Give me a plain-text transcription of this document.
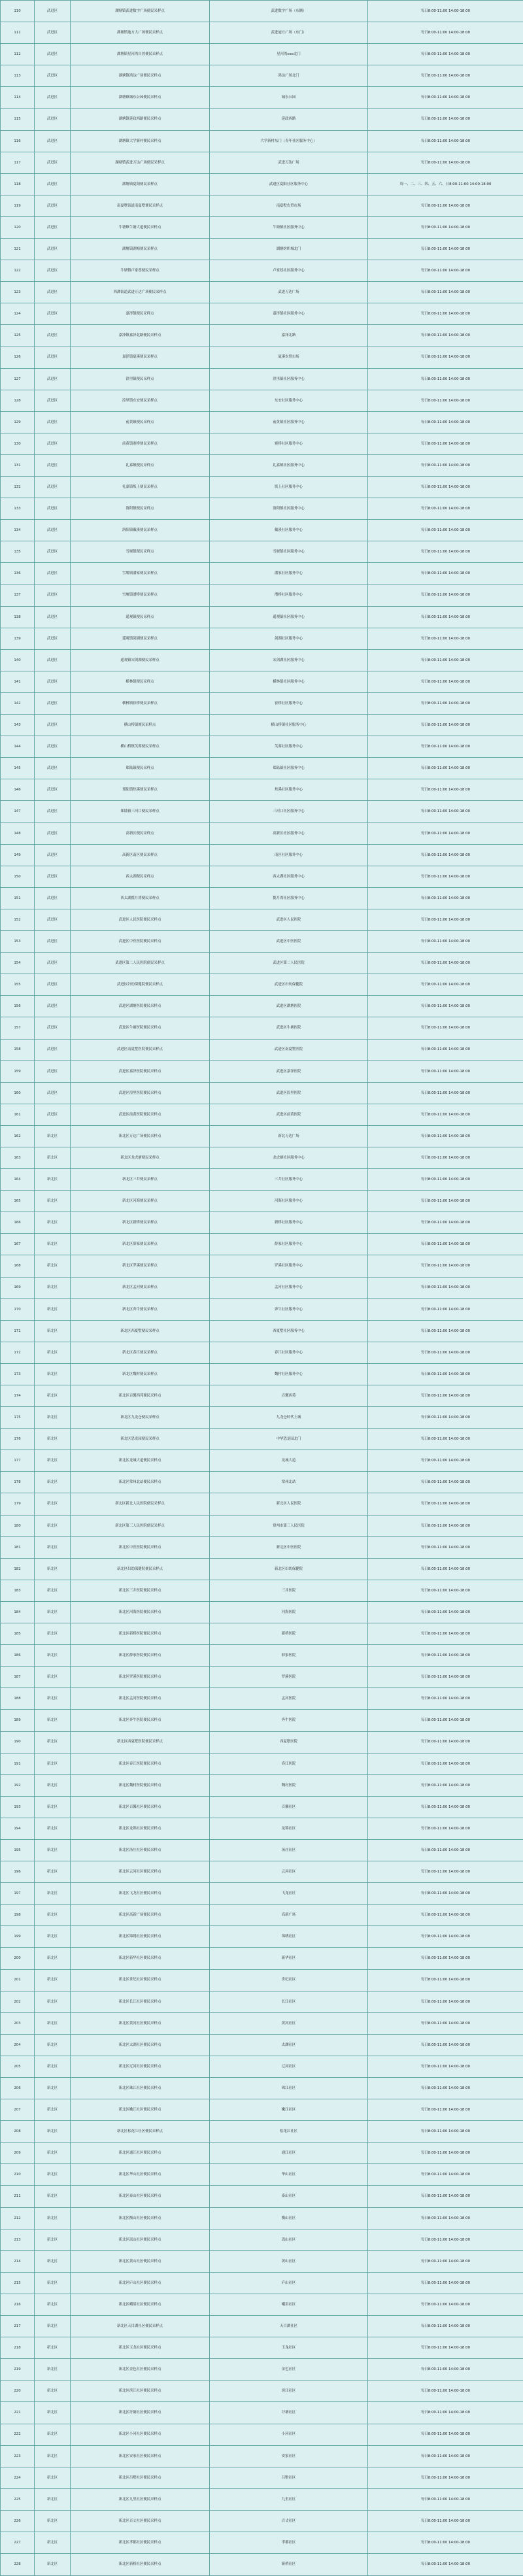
110	武进区	湖塘镇武进数字广场便民采样点	武进数字广场（东侧）	每日8:00-11:00 14:00-18:00
111	武进区	湖塘镇迪方大广场便民采样点	武进迪方广场（东门）	每日8:00-11:00 14:00-18:00
112	武进区	湖塘镇星河湾自然便民采样点	星河湾ceo北门	每日8:00-11:00 14:00-18:00
113	武进区	湖塘镇鸿达广场便民采样点	鸿达广场北门	每日8:00-11:00 14:00-18:00
114	武进区	湖塘镇城东公园便民采样点	城东公园	每日8:00-11:00 14:00-18:00
115	武进区	湖塘镇延政西路便民采样点	延政西路	每日8:00-11:00 14:00-18:00
116	武进区	湖塘镇大学新村便民采样点	大学新村东门（青年社区服务中心）	每日8:00-11:00 14:00-18:00
117	武进区	湖塘镇武进万达广场便民采样点	武进万达广场	每日8:00-11:00 14:00-18:00
118	武进区	湖塘镇夏阳便民采样点	武进区夏阳社区服务中心	周一、二、三、四、五、六、日8:00-11:00 14:00-18:00
119	武进区	南夏墅街道南夏墅便民采样点	南夏墅农贸市场	每日8:00-11:00 14:00-18:00
120	武进区	牛塘镇牛塘大道便民采样点	牛塘镇社区服务中心	每日8:00-11:00 14:00-18:00
121	武进区	湖塘镇湖塘便民采样点	湖塘纺织城北门	每日8:00-11:00 14:00-18:00
122	武进区	牛塘镇卢家巷便民采样点	卢家巷社区服务中心	每日8:00-11:00 14:00-18:00
123	武进区	西湖街道武进万达广场便民采样点	武进万达广场	每日8:00-11:00 14:00-18:00
124	武进区	嘉泽镇便民采样点	嘉泽镇社区服务中心	每日8:00-11:00 14:00-18:00
125	武进区	嘉泽镇嘉泽北路便民采样点	嘉泽北路	每日8:00-11:00 14:00-18:00
126	武进区	嘉泽镇夏溪便民采样点	夏溪农贸市场	每日8:00-11:00 14:00-18:00
127	武进区	湟里镇便民采样点	湟里镇社区服务中心	每日8:00-11:00 14:00-18:00
128	武进区	湟里镇东安便民采样点	东安社区服务中心	每日8:00-11:00 14:00-18:00
129	武进区	前黄镇便民采样点	前黄镇社区服务中心	每日8:00-11:00 14:00-18:00
130	武进区	前黄镇寨桥便民采样点	寨桥社区服务中心	每日8:00-11:00 14:00-18:00
131	武进区	礼嘉镇便民采样点	礼嘉镇社区服务中心	每日8:00-11:00 14:00-18:00
132	武进区	礼嘉镇坂上便民采样点	坂上社区服务中心	每日8:00-11:00 14:00-18:00
133	武进区	洛阳镇便民采样点	洛阳镇社区服务中心	每日8:00-11:00 14:00-18:00
134	武进区	洛阳镇戴溪便民采样点	戴溪社区服务中心	每日8:00-11:00 14:00-18:00
135	武进区	雪堰镇便民采样点	雪堰镇社区服务中心	每日8:00-11:00 14:00-18:00
136	武进区	雪堰镇潘家便民采样点	潘家社区服务中心	每日8:00-11:00 14:00-18:00
137	武进区	雪堰镇漕桥便民采样点	漕桥社区服务中心	每日8:00-11:00 14:00-18:00
138	武进区	遥观镇便民采样点	遥观镇社区服务中心	每日8:00-11:00 14:00-18:00
139	武进区	遥观镇剑湖便民采样点	剑湖社区服务中心	每日8:00-11:00 14:00-18:00
140	武进区	遥观镇宋剑湖便民采样点	宋剑湖社区服务中心	每日8:00-11:00 14:00-18:00
141	武进区	横林镇便民采样点	横林镇社区服务中心	每日8:00-11:00 14:00-18:00
142	武进区	横林镇崔桥便民采样点	崔桥社区服务中心	每日8:00-11:00 14:00-18:00
143	武进区	横山桥镇便民采样点	横山桥镇社区服务中心	每日8:00-11:00 14:00-18:00
144	武进区	横山桥镇芙蓉便民采样点	芙蓉社区服务中心	每日8:00-11:00 14:00-18:00
145	武进区	郑陆镇便民采样点	郑陆镇社区服务中心	每日8:00-11:00 14:00-18:00
146	武进区	郑陆镇焦溪便民采样点	焦溪社区服务中心	每日8:00-11:00 14:00-18:00
147	武进区	郑陆镇三河口便民采样点	三河口社区服务中心	每日8:00-11:00 14:00-18:00
148	武进区	高新区便民采样点	高新区社区服务中心	每日8:00-11:00 14:00-18:00
149	武进区	高新区南区便民采样点	南区社区服务中心	每日8:00-11:00 14:00-18:00
150	武进区	西太湖便民采样点	西太湖社区服务中心	每日8:00-11:00 14:00-18:00
151	武进区	西太湖揽月湾便民采样点	揽月湾社区服务中心	每日8:00-11:00 14:00-18:00
152	武进区	武进区人民医院便民采样点	武进区人民医院	每日8:00-11:00 14:00-18:00
153	武进区	武进区中医医院便民采样点	武进区中医医院	每日8:00-11:00 14:00-18:00
154	武进区	武进区第二人民医院便民采样点	武进区第二人民医院	每日8:00-11:00 14:00-18:00
155	武进区	武进区妇幼保健院便民采样点	武进区妇幼保健院	每日8:00-11:00 14:00-18:00
156	武进区	武进区湖塘医院便民采样点	武进区湖塘医院	每日8:00-11:00 14:00-18:00
157	武进区	武进区牛塘医院便民采样点	武进区牛塘医院	每日8:00-11:00 14:00-18:00
158	武进区	武进区南夏墅医院便民采样点	武进区南夏墅医院	每日8:00-11:00 14:00-18:00
159	武进区	武进区嘉泽医院便民采样点	武进区嘉泽医院	每日8:00-11:00 14:00-18:00
160	武进区	武进区湟里医院便民采样点	武进区湟里医院	每日8:00-11:00 14:00-18:00
161	武进区	武进区前黄医院便民采样点	武进区前黄医院	每日8:00-11:00 14:00-18:00
162	新北区	新北区万达广场便民采样点	新北万达广场	每日8:00-11:00 14:00-18:00
163	新北区	新北区龙虎塘便民采样点	龙虎塘社区服务中心	每日8:00-11:00 14:00-18:00
164	新北区	新北区三井便民采样点	三井社区服务中心	每日8:00-11:00 14:00-18:00
165	新北区	新北区河海便民采样点	河海社区服务中心	每日8:00-11:00 14:00-18:00
166	新北区	新北区新桥便民采样点	新桥社区服务中心	每日8:00-11:00 14:00-18:00
167	新北区	新北区薛家便民采样点	薛家社区服务中心	每日8:00-11:00 14:00-18:00
168	新北区	新北区罗溪便民采样点	罗溪社区服务中心	每日8:00-11:00 14:00-18:00
169	新北区	新北区孟河便民采样点	孟河社区服务中心	每日8:00-11:00 14:00-18:00
170	新北区	新北区奔牛便民采样点	奔牛社区服务中心	每日8:00-11:00 14:00-18:00
171	新北区	新北区西夏墅便民采样点	西夏墅社区服务中心	每日8:00-11:00 14:00-18:00
172	新北区	新北区春江便民采样点	春江社区服务中心	每日8:00-11:00 14:00-18:00
173	新北区	新北区魏村便民采样点	魏村社区服务中心	每日8:00-11:00 14:00-18:00
174	新北区	新北区百馨西苑便民采样点	百馨西苑	每日8:00-11:00 14:00-18:00
175	新北区	新北区九龙仓便民采样点	九龙仓时代上城	每日8:00-11:00 14:00-18:00
176	新北区	新北区恐龙园便民采样点	中华恐龙园北门	每日8:00-11:00 14:00-18:00
177	新北区	新北区龙城大道便民采样点	龙城大道	每日8:00-11:00 14:00-18:00
178	新北区	新北区常州北站便民采样点	常州北站	每日8:00-11:00 14:00-18:00
179	新北区	新北区新北人民医院便民采样点	新北区人民医院	每日8:00-11:00 14:00-18:00
180	新北区	新北区第三人民医院便民采样点	常州市第三人民医院	每日8:00-11:00 14:00-18:00
181	新北区	新北区中医医院便民采样点	新北区中医医院	每日8:00-11:00 14:00-18:00
182	新北区	新北区妇幼保健院便民采样点	新北区妇幼保健院	每日8:00-11:00 14:00-18:00
183	新北区	新北区三井医院便民采样点	三井医院	每日8:00-11:00 14:00-18:00
184	新北区	新北区河海医院便民采样点	河海医院	每日8:00-11:00 14:00-18:00
185	新北区	新北区新桥医院便民采样点	新桥医院	每日8:00-11:00 14:00-18:00
186	新北区	新北区薛家医院便民采样点	薛家医院	每日8:00-11:00 14:00-18:00
187	新北区	新北区罗溪医院便民采样点	罗溪医院	每日8:00-11:00 14:00-18:00
188	新北区	新北区孟河医院便民采样点	孟河医院	每日8:00-11:00 14:00-18:00
189	新北区	新北区奔牛医院便民采样点	奔牛医院	每日8:00-11:00 14:00-18:00
190	新北区	新北区西夏墅医院便民采样点	西夏墅医院	每日8:00-11:00 14:00-18:00
191	新北区	新北区春江医院便民采样点	春江医院	每日8:00-11:00 14:00-18:00
192	新北区	新北区魏村医院便民采样点	魏村医院	每日8:00-11:00 14:00-18:00
193	新北区	新北区百馨社区便民采样点	百馨社区	每日8:00-11:00 14:00-18:00
194	新北区	新北区龙锦社区便民采样点	龙锦社区	每日8:00-11:00 14:00-18:00
195	新北区	新北区汤庄社区便民采样点	汤庄社区	每日8:00-11:00 14:00-18:00
196	新北区	新北区云河社区便民采样点	云河社区	每日8:00-11:00 14:00-18:00
197	新北区	新北区飞龙社区便民采样点	飞龙社区	每日8:00-11:00 14:00-18:00
198	新北区	新北区高新广场便民采样点	高新广场	每日8:00-11:00 14:00-18:00
199	新北区	新北区锦绣社区便民采样点	锦绣社区	每日8:00-11:00 14:00-18:00
200	新北区	新北区新华社区便民采样点	新华社区	每日8:00-11:00 14:00-18:00
201	新北区	新北区世纪社区便民采样点	世纪社区	每日8:00-11:00 14:00-18:00
202	新北区	新北区长江社区便民采样点	长江社区	每日8:00-11:00 14:00-18:00
203	新北区	新北区黄河社区便民采样点	黄河社区	每日8:00-11:00 14:00-18:00
204	新北区	新北区太湖社区便民采样点	太湖社区	每日8:00-11:00 14:00-18:00
205	新北区	新北区辽河社区便民采样点	辽河社区	每日8:00-11:00 14:00-18:00
206	新北区	新北区珠江社区便民采样点	珠江社区	每日8:00-11:00 14:00-18:00
207	新北区	新北区嫩江社区便民采样点	嫩江社区	每日8:00-11:00 14:00-18:00
208	新北区	新北区松花江社区便民采样点	松花江社区	每日8:00-11:00 14:00-18:00
209	新北区	新北区通江社区便民采样点	通江社区	每日8:00-11:00 14:00-18:00
210	新北区	新北区华山社区便民采样点	华山社区	每日8:00-11:00 14:00-18:00
211	新北区	新北区泰山社区便民采样点	泰山社区	每日8:00-11:00 14:00-18:00
212	新北区	新北区衡山社区便民采样点	衡山社区	每日8:00-11:00 14:00-18:00
213	新北区	新北区嵩山社区便民采样点	嵩山社区	每日8:00-11:00 14:00-18:00
214	新北区	新北区黄山社区便民采样点	黄山社区	每日8:00-11:00 14:00-18:00
215	新北区	新北区庐山社区便民采样点	庐山社区	每日8:00-11:00 14:00-18:00
216	新北区	新北区峨眉社区便民采样点	峨眉社区	每日8:00-11:00 14:00-18:00
217	新北区	新北区天目湖社区便民采样点	天目湖社区	每日8:00-11:00 14:00-18:00
218	新北区	新北区玉龙社区便民采样点	玉龙社区	每日8:00-11:00 14:00-18:00
219	新北区	新北区金色社区便民采样点	金色社区	每日8:00-11:00 14:00-18:00
220	新北区	新北区滨江社区便民采样点	滨江社区	每日8:00-11:00 14:00-18:00
221	新北区	新北区圩塘社区便民采样点	圩塘社区	每日8:00-11:00 14:00-18:00
222	新北区	新北区小河社区便民采样点	小河社区	每日8:00-11:00 14:00-18:00
223	新北区	新北区安家社区便民采样点	安家社区	每日8:00-11:00 14:00-18:00
224	新北区	新北区吕墅社区便民采样点	吕墅社区	每日8:00-11:00 14:00-18:00
225	新北区	新北区九里社区便民采样点	九里社区	每日8:00-11:00 14:00-18:00
226	新北区	新北区百丈社区便民采样点	百丈社区	每日8:00-11:00 14:00-18:00
227	新北区	新北区孝都社区便民采样点	孝都社区	每日8:00-11:00 14:00-18:00
228	新北区	新北区新桥社区便民采样点	新桥社区	每日8:00-11:00 14:00-18:00
